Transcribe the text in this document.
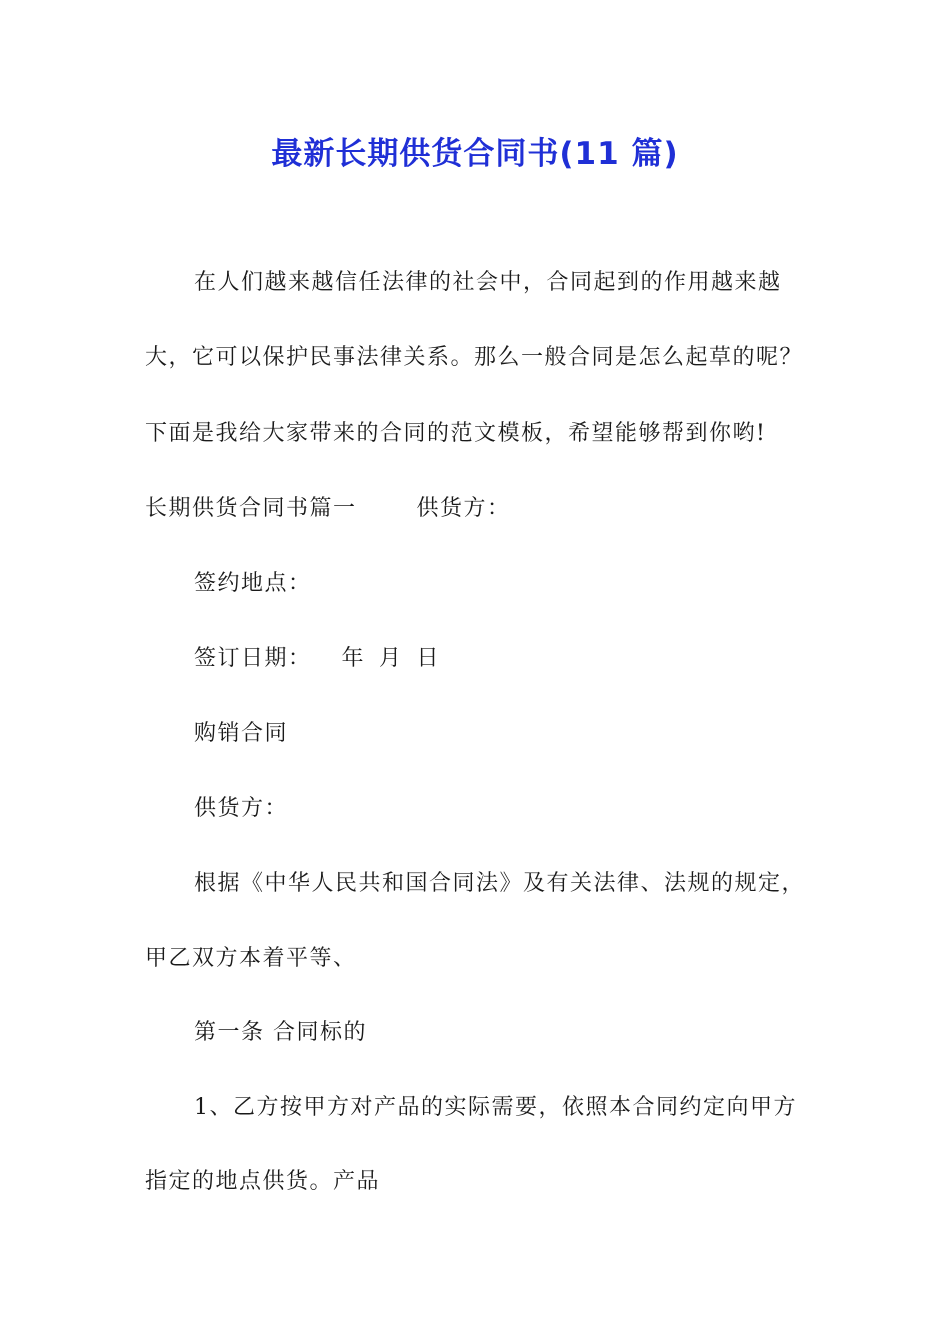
最新长期供货合同书(11 篇)

在人们越来越信任法律的社会中，合同起到的作用越来越

大，它可以保护民事法律关系。那么一般合同是怎么起草的呢？

下面是我给大家带来的合同的范文模板，希望能够帮到你哟!

长期供货合同书篇一	供货方：

签约地点：

签订日期： 年 月 日

购销合同

供货方：

根据《中华人民共和国合同法》及有关法律、法规的规定，

甲乙双方本着平等、

第一条 合同标的

1、乙方按甲方对产品的实际需要，依照本合同约定向甲方

指定的地点供货。产品
